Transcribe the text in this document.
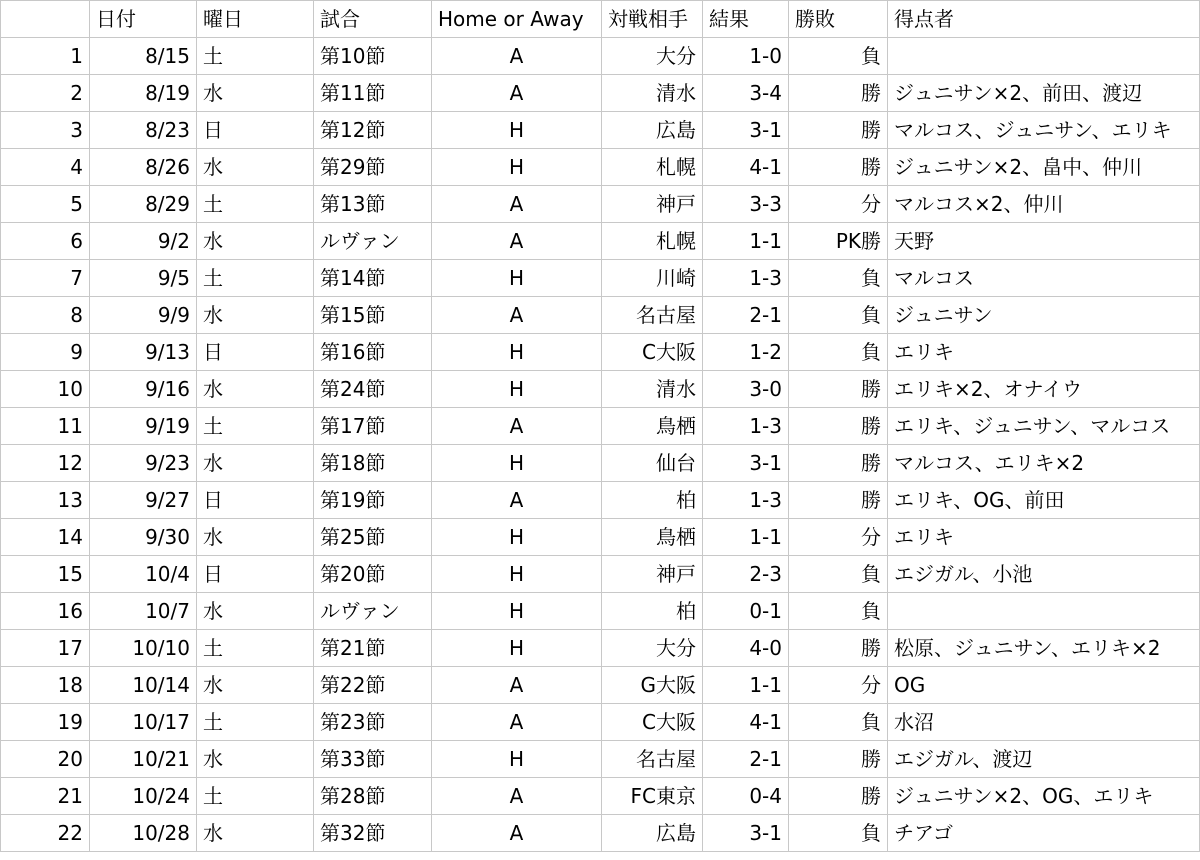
	日付	曜日	試合	Home or Away	対戦相手	結果	勝敗	得点者
1	8/15	土	第10節	A	大分	1-0	負	
2	8/19	水	第11節	A	清水	3-4	勝	ジュニサン×2、前田、渡辺
3	8/23	日	第12節	H	広島	3-1	勝	マルコス、ジュニサン、エリキ
4	8/26	水	第29節	H	札幌	4-1	勝	ジュニサン×2、畠中、仲川
5	8/29	土	第13節	A	神戸	3-3	分	マルコス×2、仲川
6	9/2	水	ルヴァン	A	札幌	1-1	PK勝	天野
7	9/5	土	第14節	H	川崎	1-3	負	マルコス
8	9/9	水	第15節	A	名古屋	2-1	負	ジュニサン
9	9/13	日	第16節	H	C大阪	1-2	負	エリキ
10	9/16	水	第24節	H	清水	3-0	勝	エリキ×2、オナイウ
11	9/19	土	第17節	A	鳥栖	1-3	勝	エリキ、ジュニサン、マルコス
12	9/23	水	第18節	H	仙台	3-1	勝	マルコス、エリキ×2
13	9/27	日	第19節	A	柏	1-3	勝	エリキ、OG、前田
14	9/30	水	第25節	H	鳥栖	1-1	分	エリキ
15	10/4	日	第20節	H	神戸	2-3	負	エジガル、小池
16	10/7	水	ルヴァン	H	柏	0-1	負	
17	10/10	土	第21節	H	大分	4-0	勝	松原、ジュニサン、エリキ×2
18	10/14	水	第22節	A	G大阪	1-1	分	OG
19	10/17	土	第23節	A	C大阪	4-1	負	水沼
20	10/21	水	第33節	H	名古屋	2-1	勝	エジガル、渡辺
21	10/24	土	第28節	A	FC東京	0-4	勝	ジュニサン×2、OG、エリキ
22	10/28	水	第32節	A	広島	3-1	負	チアゴ
